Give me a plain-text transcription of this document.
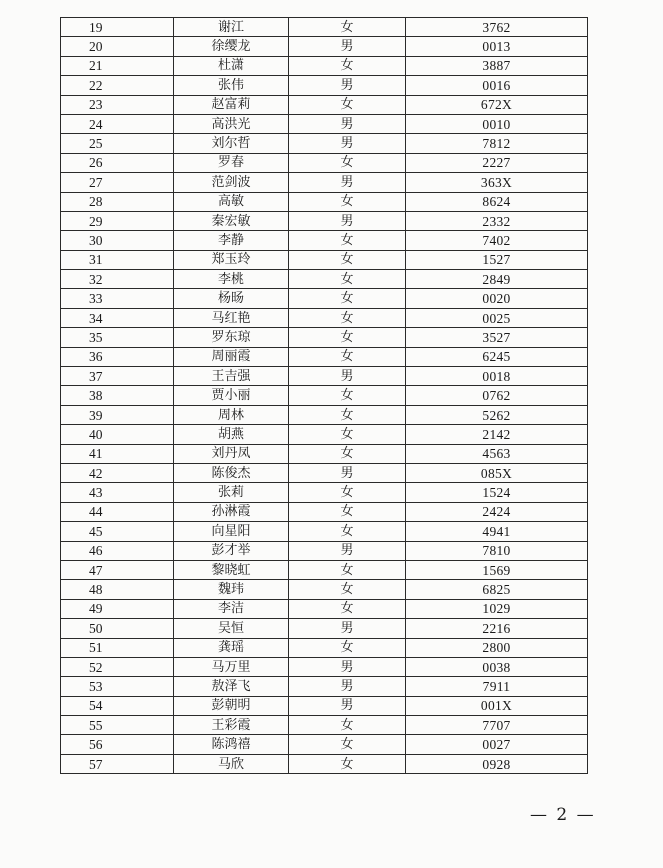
19	谢江	女	3762
20	徐缨龙	男	0013
21	杜潇	女	3887
22	张伟	男	0016
23	赵富莉	女	672X
24	高洪光	男	0010
25	刘尔哲	男	7812
26	罗春	女	2227
27	范剑波	男	363X
28	高敏	女	8624
29	秦宏敏	男	2332
30	李静	女	7402
31	郑玉玲	女	1527
32	李桃	女	2849
33	杨旸	女	0020
34	马红艳	女	0025
35	罗东琼	女	3527
36	周丽霞	女	6245
37	王吉强	男	0018
38	贾小丽	女	0762
39	周林	女	5262
40	胡燕	女	2142
41	刘丹凤	女	4563
42	陈俊杰	男	085X
43	张莉	女	1524
44	孙淋霞	女	2424
45	向星阳	女	4941
46	彭才举	男	7810
47	黎晓虹	女	1569
48	魏玮	女	6825
49	李洁	女	1029
50	吴恒	男	2216
51	龚瑶	女	2800
52	马万里	男	0038
53	敖泽飞	男	7911
54	彭朝明	男	001X
55	王彩霞	女	7707
56	陈鸿禧	女	0027
57	马欣	女	0928
— 2 —
